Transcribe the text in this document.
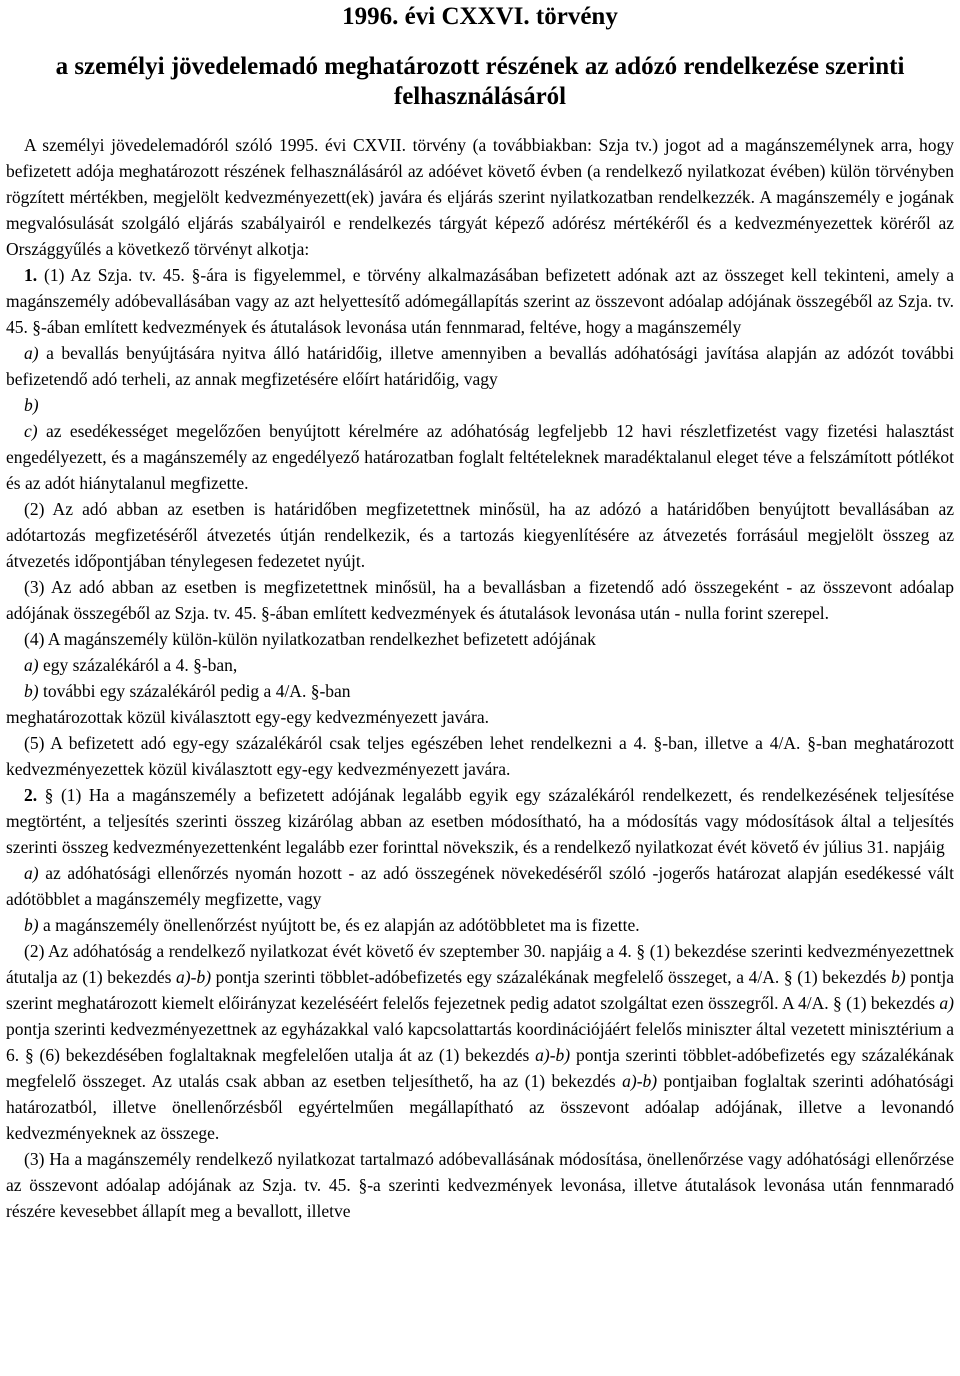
1996. évi CXXVI. törvény
a személyi jövedelemadó meghatározott részének az adózó rendelkezése szerinti felhasználásáról

A személyi jövedelemadóról szóló 1995. évi CXVII. törvény (a továbbiakban: Szja tv.) jogot ad a magánszemélynek arra, hogy befizetett adója meghatározott részének felhasználásáról az adóévet követő évben (a rendelkező nyilatkozat évében) külön törvényben rögzített mértékben, megjelölt kedvezményezett(ek) javára és eljárás szerint nyilatkozatban rendelkezzék. A magánszemély e jogának megvalósulását szolgáló eljárás szabályairól e rendelkezés tárgyát képező adórész mértékéről és a kedvezményezettek köréről az Országgyűlés a következő törvényt alkotja:

1. (1) Az Szja. tv. 45. §-ára is figyelemmel, e törvény alkalmazásában befizetett adónak azt az összeget kell tekinteni, amely a magánszemély adóbevallásában vagy az azt helyettesítő adómegállapítás szerint az összevont adóalap adójának összegéből az Szja. tv. 45. §-ában említett kedvezmények és átutalások levonása után fennmarad, feltéve, hogy a magánszemély

a) a bevallás benyújtására nyitva álló határidőig, illetve amennyiben a bevallás adóhatósági javítása alapján az adózót további befizetendő adó terheli, az annak megfizetésére előírt határidőig, vagy

b)

c) az esedékességet megelőzően benyújtott kérelmére az adóhatóság legfeljebb 12 havi részletfizetést vagy fizetési halasztást engedélyezett, és a magánszemély az engedélyező határozatban foglalt feltételeknek maradéktalanul eleget téve a felszámított pótlékot és az adót hiánytalanul megfizette.

(2) Az adó abban az esetben is határidőben megfizetettnek minősül, ha az adózó a határidőben benyújtott bevallásában az adótartozás megfizetéséről átvezetés útján rendelkezik, és a tartozás kiegyenlítésére az átvezetés forrásául megjelölt összeg az átvezetés időpontjában ténylegesen fedezetet nyújt.

(3) Az adó abban az esetben is megfizetettnek minősül, ha a bevallásban a fizetendő adó összegeként - az összevont adóalap adójának összegéből az Szja. tv. 45. §-ában említett kedvezmények és átutalások levonása után - nulla forint szerepel.

(4) A magánszemély külön-külön nyilatkozatban rendelkezhet befizetett adójának

a) egy százalékáról a 4. §-ban,

b) további egy százalékáról pedig a 4/A. §-ban

meghatározottak közül kiválasztott egy-egy kedvezményezett javára.

(5) A befizetett adó egy-egy százalékáról csak teljes egészében lehet rendelkezni a 4. §-ban, illetve a 4/A. §-ban meghatározott kedvezményezettek közül kiválasztott egy-egy kedvezményezett javára.

2. § (1) Ha a magánszemély a befizetett adójának legalább egyik egy százalékáról rendelkezett, és rendelkezésének teljesítése megtörtént, a teljesítés szerinti összeg kizárólag abban az esetben módosítható, ha a módosítás vagy módosítások által a teljesítés szerinti összeg kedvezményezettenként legalább ezer forinttal növekszik, és a rendelkező nyilatkozat évét követő év július 31. napjáig

a) az adóhatósági ellenőrzés nyomán hozott - az adó összegének növekedéséről szóló -jogerős határozat alapján esedékessé vált adótöbblet a magánszemély megfizette, vagy

b) a magánszemély önellenőrzést nyújtott be, és ez alapján az adótöbbletet ma is fizette.

(2) Az adóhatóság a rendelkező nyilatkozat évét követő év szeptember 30. napjáig a 4. § (1) bekezdése szerinti kedvezményezettnek átutalja az (1) bekezdés a)-b) pontja szerinti többlet-adóbefizetés egy százalékának megfelelő összeget, a 4/A. § (1) bekezdés b) pontja szerint meghatározott kiemelt előirányzat kezeléséért felelős fejezetnek pedig adatot szolgáltat ezen összegről. A 4/A. § (1) bekezdés a) pontja szerinti kedvezményezettnek az egyházakkal való kapcsolattartás koordinációjáért felelős miniszter által vezetett minisztérium a 6. § (6) bekezdésében foglaltaknak megfelelően utalja át az (1) bekezdés a)-b) pontja szerinti többlet-adóbefizetés egy százalékának megfelelő összeget. Az utalás csak abban az esetben teljesíthető, ha az (1) bekezdés a)-b) pontjaiban foglaltak szerinti adóhatósági határozatból, illetve önellenőrzésből egyértelműen megállapítható az összevont adóalap adójának, illetve a levonandó kedvezményeknek az összege.

(3) Ha a magánszemély rendelkező nyilatkozat tartalmazó adóbevallásának módosítása, önellenőrzése vagy adóhatósági ellenőrzése az összevont adóalap adójának az Szja. tv. 45. §-a szerinti kedvezmények levonása, illetve átutalások levonása után fennmaradó részére kevesebbet állapít meg a bevallott, illetve
